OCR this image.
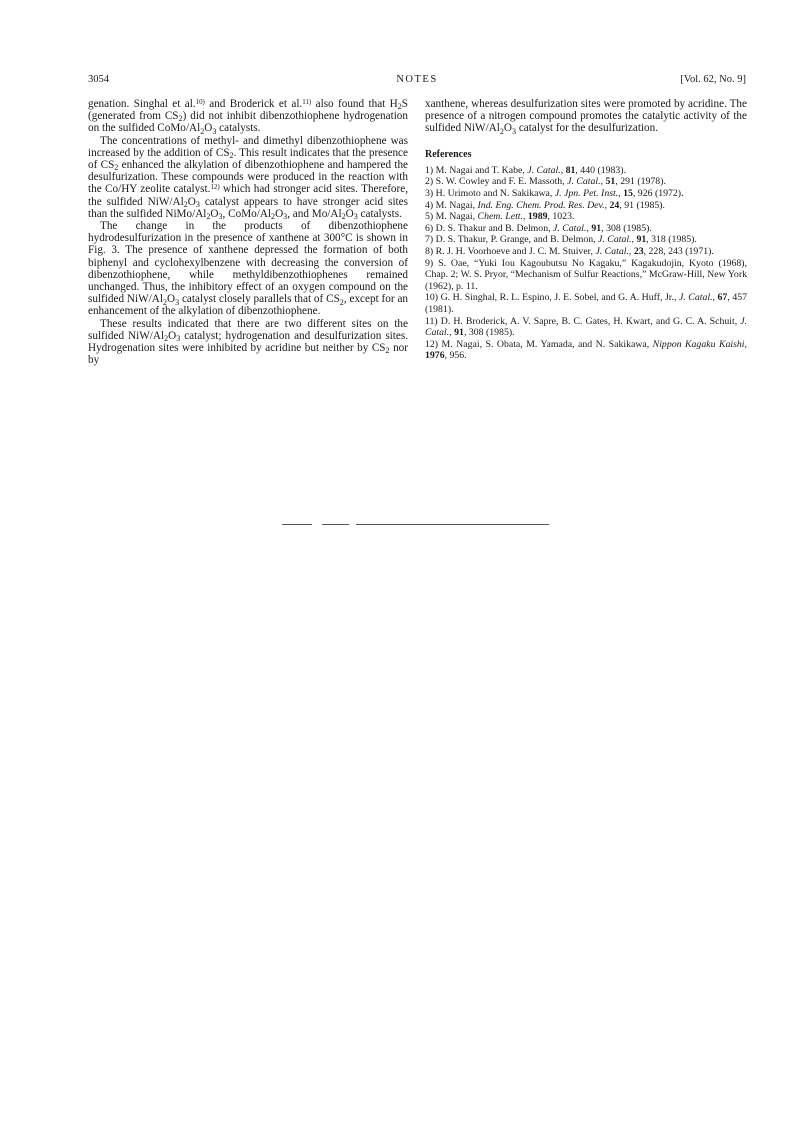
3054	NOTES	[Vol. 62, No. 9]

genation. Singhal et al.$^{10)}$ and Broderick et al.$^{11)}$ also found that $H_2S$ (generated from $CS_2$) did not inhibit dibenzothiophene hydrogenation on the sulfided CoMo/$Al_2O_3$ catalysts.

The concentrations of methyl- and dimethyl dibenzothiophene was increased by the addition of $CS_2$. This result indicates that the presence of $CS_2$ enhanced the alkylation of dibenzothiophene and hampered the desulfurization. These compounds were produced in the reaction with the Co/HY zeolite catalyst.$^{12)}$ which had stronger acid sites. Therefore, the sulfided NiW/$Al_2O_3$ catalyst appears to have stronger acid sites than the sulfided NiMo/$Al_2O_3$, CoMo/$Al_2O_3$, and $Mo/Al_2O_3$ catalysts.

The change in the products of dibenzothiophene hydrodesulfurization in the presence of xanthene at 300°C is shown in Fig. 3. The presence of xanthene depressed the formation of both biphenyl and cyclohexylbenzene with decreasing the conversion of dibenzothiophene, while methyldibenzothiophenes remained unchanged. Thus, the inhibitory effect of an oxygen compound on the sulfided NiW/$Al_2O_3$ catalyst closely parallels that of $CS_2$, except for an enhancement of the alkylation of dibenzothiophene.

These results indicated that there are two different sites on the sulfided NiW/$Al_2O_3$ catalyst; hydrogenation and desulfurization sites. Hydrogenation sites were inhibited by acridine but neither by $CS_2$ nor by

xanthene, whereas desulfurization sites were promoted by acridine. The presence of a nitrogen compound promotes the catalytic activity of the sulfided NiW/$Al_2O_3$ catalyst for the desulfurization.

References

1) M. Nagai and T. Kabe, J. Catal., 81, 440 (1983).

2) S. W. Cowley and F. E. Massoth, J. Catal., 51, 291 (1978).

3) H. Urimoto and N. Sakikawa, J. Jpn. Pet. Inst., 15, 926 (1972).

4) M. Nagai, Ind. Eng. Chem. Prod. Res. Dev., 24, 91 (1985).

5) M. Nagai, Chem. Lett., 1989, 1023.

6) D. S. Thakur and B. Delmon, J. Catal., 91, 308 (1985).

7) D. S. Thakur, P. Grange, and B. Delmon, J. Catal., 91, 318 (1985).

8) R. J. H. Voorhoeve and J. C. M. Stuiver, J. Catal., 23, 228, 243 (1971).

9) S. Oae, “Yuki Iou Kagoubutsu No Kagaku,” Kagakudojin, Kyoto (1968), Chap. 2; W. S. Pryor, “Mechanism of Sulfur Reactions,” McGraw-Hill, New York (1962), p. 11.

10) G. H. Singhal, R. L. Espino, J. E. Sobel, and G. A. Huff, Jr., J. Catal., 67, 457 (1981).

11) D. H. Broderick, A. V. Sapre, B. C. Gates, H. Kwart, and G. C. A. Schuit, J. Catal., 91, 308 (1985).

12) M. Nagai, S. Obata, M. Yamada, and N. Sakikawa, Nippon Kagaku Kaishi, 1976, 956.
